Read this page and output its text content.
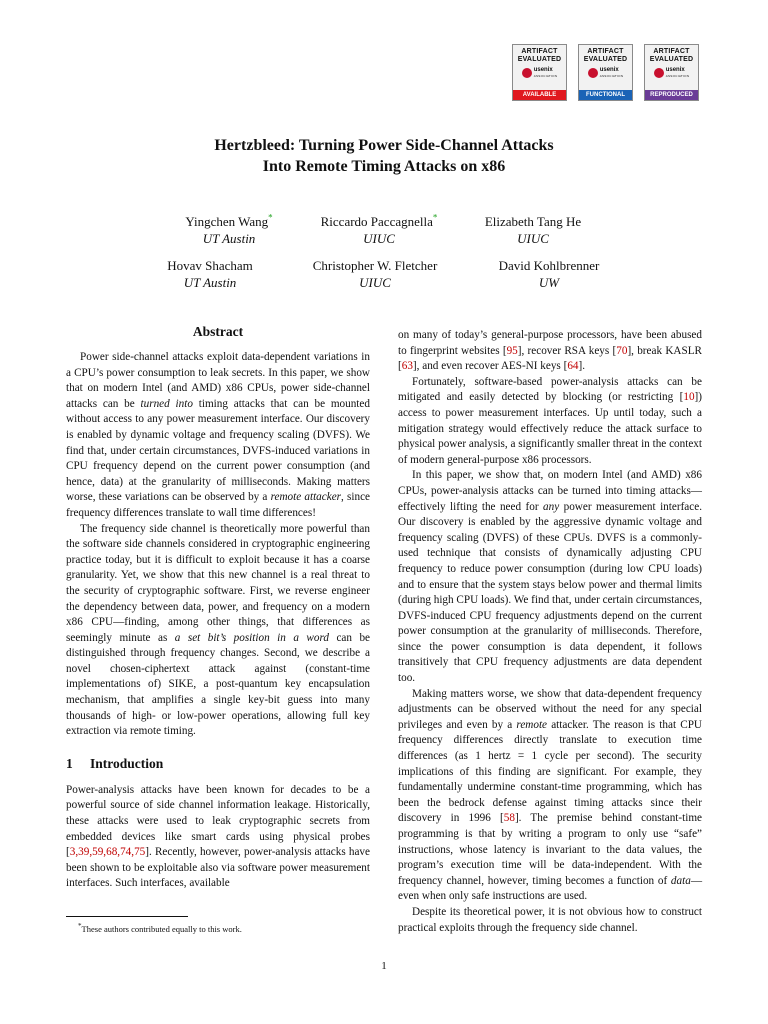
ARTIFACT
EVALUATED
usenix
ASSOCIATION
AVAILABLE
ARTIFACT
EVALUATED
usenix
ASSOCIATION
FUNCTIONAL
ARTIFACT
EVALUATED
usenix
ASSOCIATION
REPRODUCED
Hertzbleed: Turning Power Side-Channel Attacks
Into Remote Timing Attacks on x86
Yingchen Wang*
UT Austin
Riccardo Paccagnella*
UIUC
Elizabeth Tang He
UIUC
Hovav Shacham
UT Austin
Christopher W. Fletcher
UIUC
David Kohlbrenner
UW
Abstract

Power side-channel attacks exploit data-dependent variations in a CPU’s power consumption to leak secrets. In this paper, we show that on modern Intel (and AMD) x86 CPUs, power side-channel attacks can be turned into timing attacks that can be mounted without access to any power measurement interface. Our discovery is enabled by dynamic voltage and frequency scaling (DVFS). We find that, under certain circumstances, DVFS-induced variations in CPU frequency depend on the current power consumption (and hence, data) at the granularity of milliseconds. Making matters worse, these variations can be observed by a remote attacker, since frequency differences translate to wall time differences!

The frequency side channel is theoretically more powerful than the software side channels considered in cryptographic engineering practice today, but it is difficult to exploit because it has a coarse granularity. Yet, we show that this new channel is a real threat to the security of cryptographic software. First, we reverse engineer the dependency between data, power, and frequency on a modern x86 CPU—finding, among other things, that differences as seemingly minute as a set bit’s position in a word can be distinguished through frequency changes. Second, we describe a novel chosen-ciphertext attack against (constant-time implementations of) SIKE, a post-quantum key encapsulation mechanism, that amplifies a single key-bit guess into many thousands of high- or low-power operations, allowing full key extraction via remote timing.

1 Introduction

Power-analysis attacks have been known for decades to be a powerful source of side channel information leakage. Historically, these attacks were used to leak cryptographic secrets from embedded devices like smart cards using physical probes [3,39,59,68,74,75]. Recently, however, power-analysis attacks have been shown to be exploitable also via software power measurement interfaces. Such interfaces, available

on many of today’s general-purpose processors, have been abused to fingerprint websites [95], recover RSA keys [70], break KASLR [63], and even recover AES-NI keys [64].

Fortunately, software-based power-analysis attacks can be mitigated and easily detected by blocking (or restricting [10]) access to power measurement interfaces. Up until today, such a mitigation strategy would effectively reduce the attack surface to physical power analysis, a significantly smaller threat in the context of modern general-purpose x86 processors.

In this paper, we show that, on modern Intel (and AMD) x86 CPUs, power-analysis attacks can be turned into timing attacks—effectively lifting the need for any power measurement interface. Our discovery is enabled by the aggressive dynamic voltage and frequency scaling (DVFS) of these CPUs. DVFS is a commonly-used technique that consists of dynamically adjusting CPU frequency to reduce power consumption (during low CPU loads) and to ensure that the system stays below power and thermal limits (during high CPU loads). We find that, under certain circumstances, DVFS-induced CPU frequency adjustments depend on the current power consumption at the granularity of milliseconds. Therefore, since the power consumption is data dependent, it follows transitively that CPU frequency adjustments are data dependent too.

Making matters worse, we show that data-dependent frequency adjustments can be observed without the need for any special privileges and even by a remote attacker. The reason is that CPU frequency differences directly translate to execution time differences (as 1 hertz = 1 cycle per second). The security implications of this finding are significant. For example, they fundamentally undermine constant-time programming, which has been the bedrock defense against timing attacks since their discovery in 1996 [58]. The premise behind constant-time programming is that by writing a program to only use “safe” instructions, whose latency is invariant to the data values, the program’s execution time will be data-independent. With the frequency channel, however, timing becomes a function of data—even when only safe instructions are used.

Despite its theoretical power, it is not obvious how to construct practical exploits through the frequency side channel.

*These authors contributed equally to this work.
1
